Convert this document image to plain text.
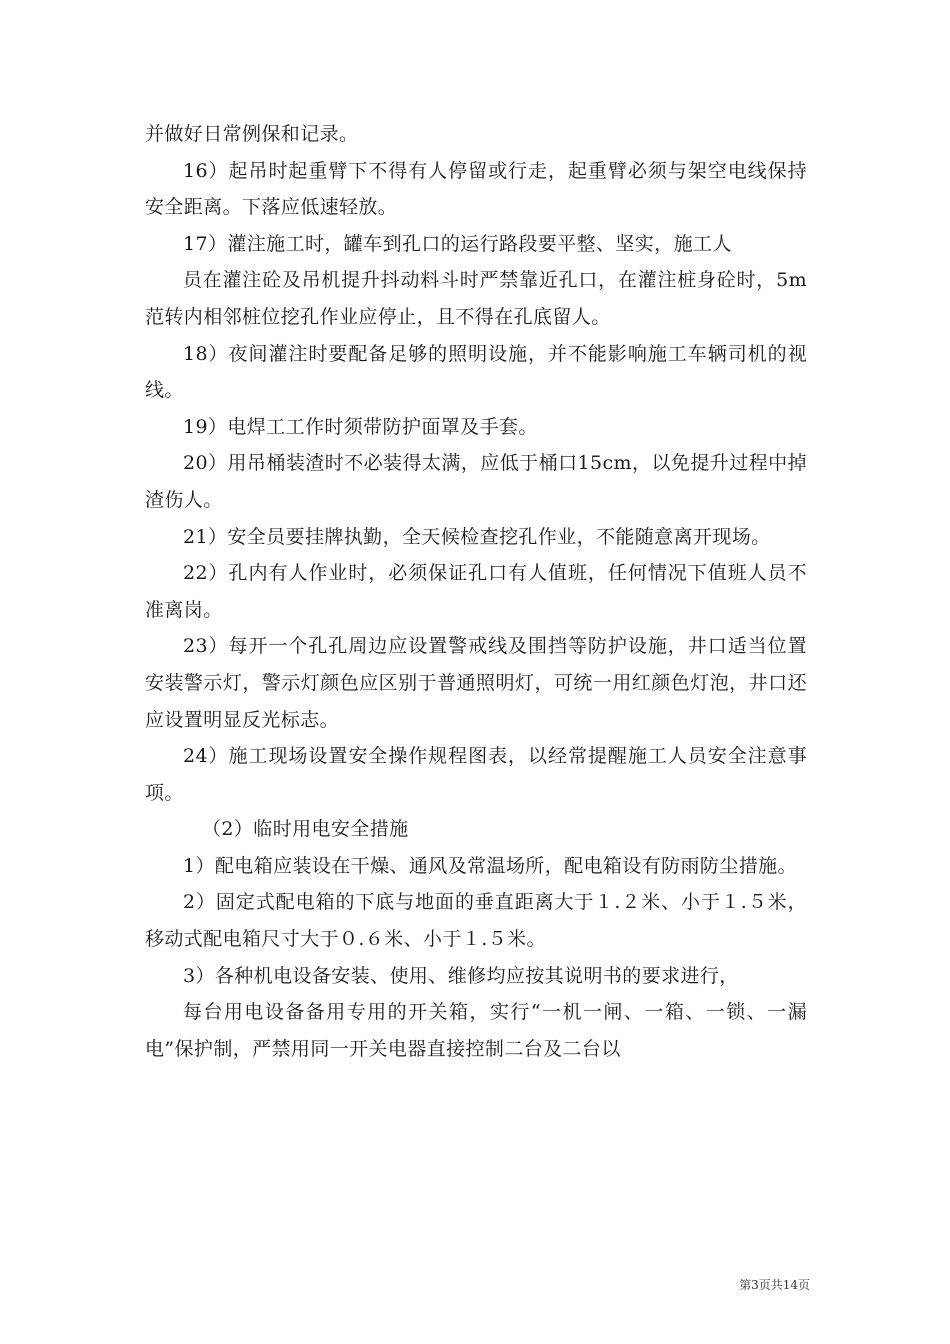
并做好日常例保和记录。

16）起吊时起重臂下不得有人停留或行走，起重臂必须与架空电线保持安全距离。下落应低速轻放。

17）灌注施工时，罐车到孔口的运行路段要平整、坚实，施工人

员在灌注砼及吊机提升抖动料斗时严禁靠近孔口，在灌注桩身砼时，5m范转内相邻桩位挖孔作业应停止，且不得在孔底留人。

18）夜间灌注时要配备足够的照明设施，并不能影响施工车辆司机的视线。

19）电焊工工作时须带防护面罩及手套。

20）用吊桶装渣时不必装得太满，应低于桶口15cm，以免提升过程中掉渣伤人。

21）安全员要挂牌执勤，全天候检查挖孔作业，不能随意离开现场。

22）孔内有人作业时，必须保证孔口有人值班，任何情况下值班人员不准离岗。

23）每开一个孔孔周边应设置警戒线及围挡等防护设施，井口适当位置安装警示灯，警示灯颜色应区别于普通照明灯，可统一用红颜色灯泡，井口还应设置明显反光标志。

24）施工现场设置安全操作规程图表，以经常提醒施工人员安全注意事项。

（2）临时用电安全措施

1）配电箱应装设在干燥、通风及常温场所，配电箱设有防雨防尘措施。

2）固定式配电箱的下底与地面的垂直距离大于１.２米、小于１.５米，移动式配电箱尺寸大于０.６米、小于１.５米。

3）各种机电设备安装、使用、维修均应按其说明书的要求进行，

每台用电设备备用专用的开关箱，实行“一机一闸、一箱、一锁、一漏电”保护制，严禁用同一开关电器直接控制二台及二台以

第3页共14页
